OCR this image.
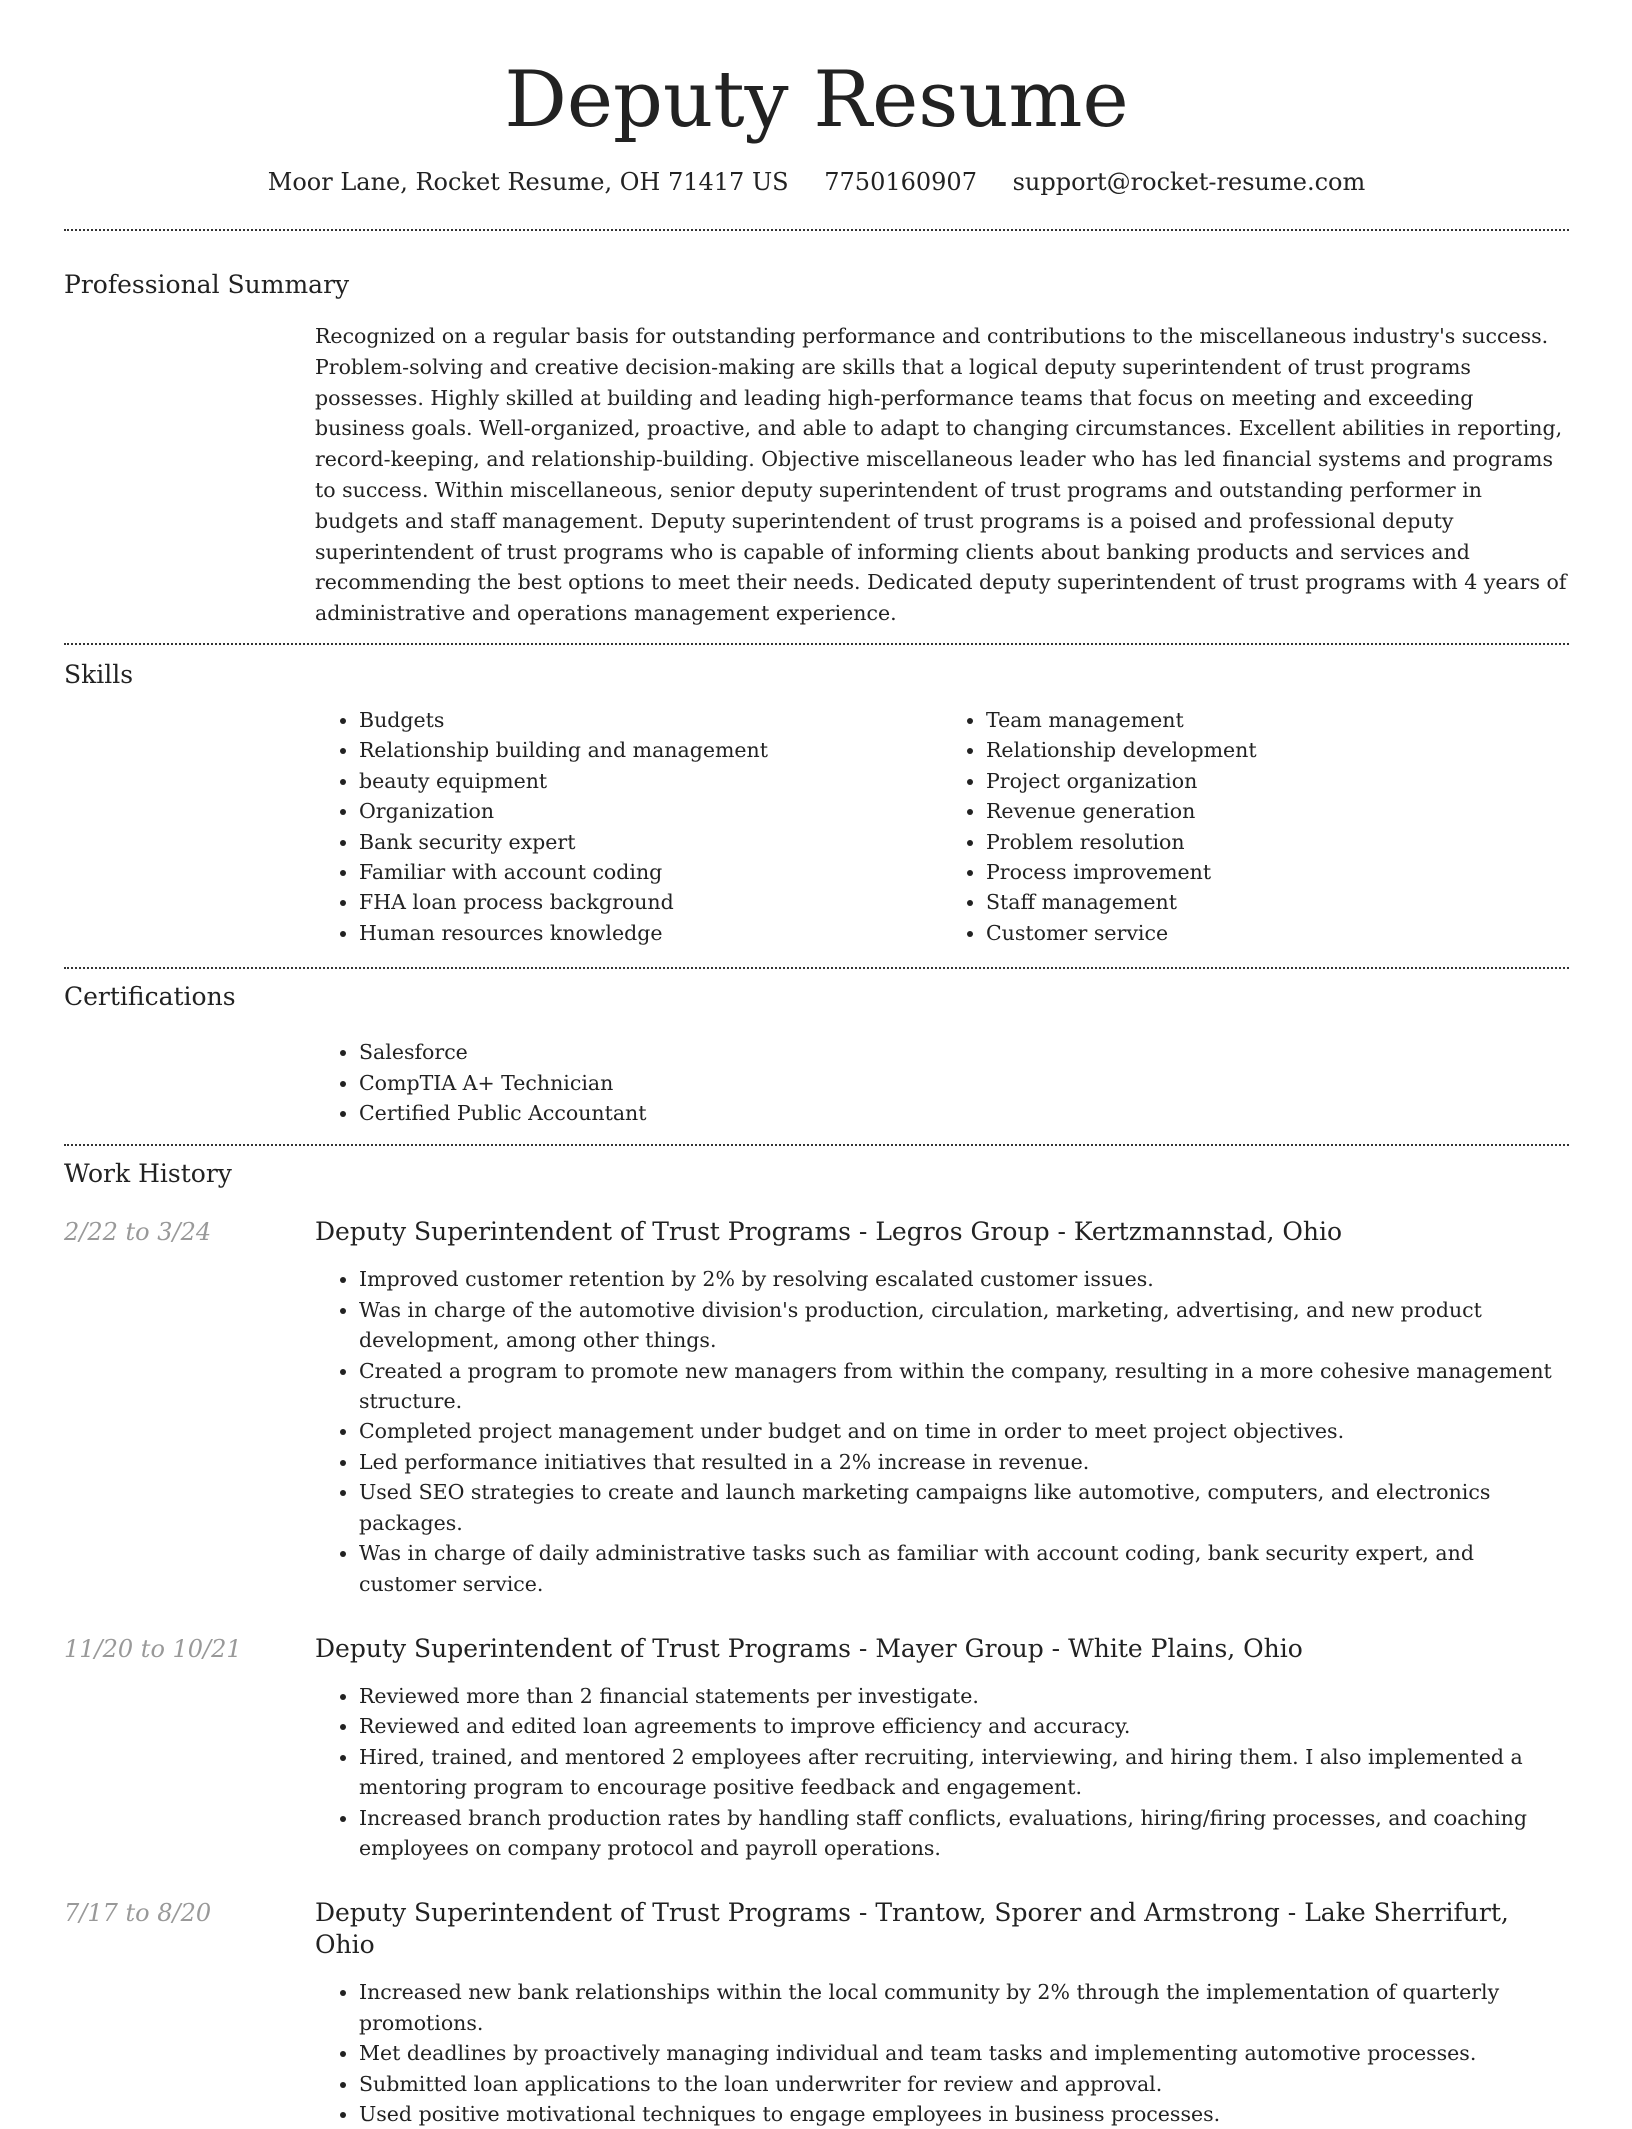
Deputy Resume
Moor Lane, Rocket Resume, OH 71417 US 7750160907 support@rocket-resume.com
Professional Summary
Recognized on a regular basis for outstanding performance and contributions to the miscellaneous industry's success. Problem-solving and creative decision-making are skills that a logical deputy superintendent of trust programs possesses. Highly skilled at building and leading high-performance teams that focus on meeting and exceeding business goals. Well-organized, proactive, and able to adapt to changing circumstances. Excellent abilities in reporting, record-keeping, and relationship-building. Objective miscellaneous leader who has led financial systems and programs to success. Within miscellaneous, senior deputy superintendent of trust programs and outstanding performer in budgets and staff management. Deputy superintendent of trust programs is a poised and professional deputy superintendent of trust programs who is capable of informing clients about banking products and services and recommending the best options to meet their needs. Dedicated deputy superintendent of trust programs with 4 years of administrative and operations management experience.
Skills
• Budgets
• Relationship building and management
• beauty equipment
• Organization
• Bank security expert
• Familiar with account coding
• FHA loan process background
• Human resources knowledge
• Team management
• Relationship development
• Project organization
• Revenue generation
• Problem resolution
• Process improvement
• Staff management
• Customer service
Certifications
• Salesforce
• CompTIA A+ Technician
• Certified Public Accountant
Work History
2/22 to 3/24	Deputy Superintendent of Trust Programs - Legros Group - Kertzmannstad, Ohio
• Improved customer retention by 2% by resolving escalated customer issues.
• Was in charge of the automotive division's production, circulation, marketing, advertising, and new product development, among other things.
• Created a program to promote new managers from within the company, resulting in a more cohesive management structure.
• Completed project management under budget and on time in order to meet project objectives.
• Led performance initiatives that resulted in a 2% increase in revenue.
• Used SEO strategies to create and launch marketing campaigns like automotive, computers, and electronics packages.
• Was in charge of daily administrative tasks such as familiar with account coding, bank security expert, and customer service.
11/20 to 10/21	Deputy Superintendent of Trust Programs - Mayer Group - White Plains, Ohio
• Reviewed more than 2 financial statements per investigate.
• Reviewed and edited loan agreements to improve efficiency and accuracy.
• Hired, trained, and mentored 2 employees after recruiting, interviewing, and hiring them. I also implemented a mentoring program to encourage positive feedback and engagement.
• Increased branch production rates by handling staff conflicts, evaluations, hiring/firing processes, and coaching employees on company protocol and payroll operations.
7/17 to 8/20	Deputy Superintendent of Trust Programs - Trantow, Sporer and Armstrong - Lake Sherrifurt, Ohio
• Increased new bank relationships within the local community by 2% through the implementation of quarterly promotions.
• Met deadlines by proactively managing individual and team tasks and implementing automotive processes.
• Submitted loan applications to the loan underwriter for review and approval.
• Used positive motivational techniques to engage employees in business processes.
